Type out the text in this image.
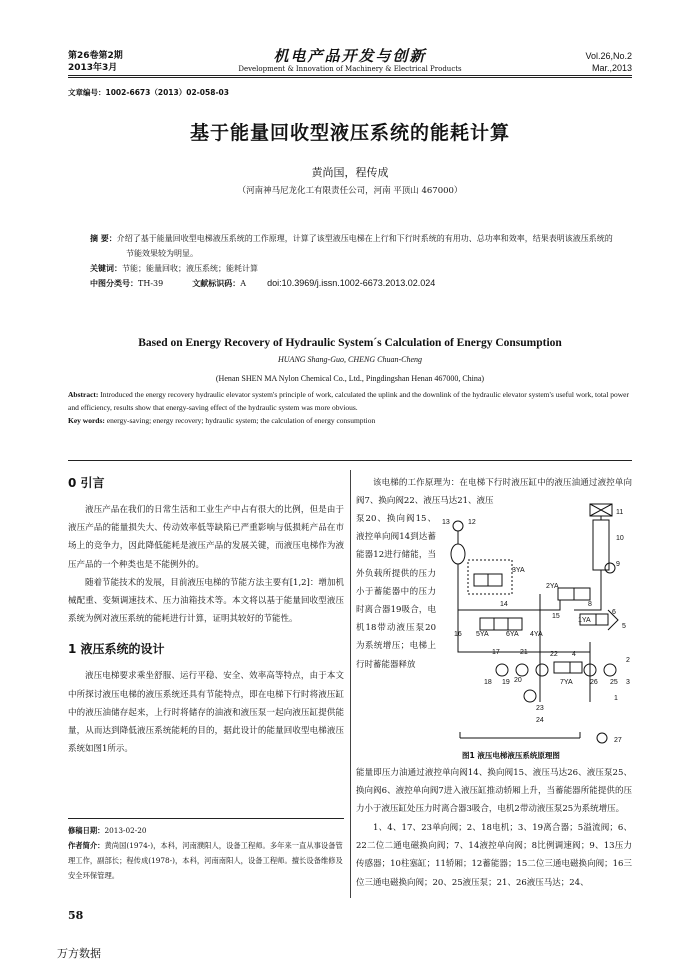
第26卷第2期
2013年3月
机电产品开发与创新
Development & Innovation of Machinery & Electrical Products
Vol.26,No.2
Mar.,2013
文章编号：1002-6673（2013）02-058-03
基于能量回收型液压系统的能耗计算
黄尚国，程传成
（河南神马尼龙化工有限责任公司，河南 平顶山 467000）
摘 要：介绍了基于能量回收型电梯液压系统的工作原理，计算了该型液压电梯在上行和下行时系统的有用功、总功率和效率，结果表明该液压系统的节能效果较为明显。
关键词：节能；能量回收；液压系统；能耗计算
中图分类号：TH-39	文献标识码：A doi:10.3969/j.issn.1002-6673.2013.02.024
Based on Energy Recovery of Hydraulic System´s Calculation of Energy Consumption
HUANG Shang-Guo, CHENG Chuan-Cheng
(Henan SHEN MA Nylon Chemical Co., Ltd., Pingdingshan Henan 467000, China)
Abstract: Introduced the energy recovery hydraulic elevator system's principle of work, calculated the uplink and the downlink of the hydraulic elevator system's useful work, total power and efficiency, results show that energy-saving effect of the hydraulic system was more obvious.
Key words: energy-saving; energy recovery; hydraulic system; the calculation of energy consumption
0 引言
液压产品在我们的日常生活和工业生产中占有很大的比例，但是由于液压产品的能量损失大、传动效率低等缺陷已严重影响与低损耗产品在市场上的竞争力，因此降低能耗是液压产品的发展关键，而液压电梯作为液压产品的一个种类也是不能例外的。
随着节能技术的发展，目前液压电梯的节能方法主要有[1,2]：增加机械配重、变频调速技术、压力油箱技术等。本文将以基于能量回收型液压系统为例对液压系统的能耗进行计算，证明其较好的节能性。
1 液压系统的设计
液压电梯要求乘坐舒服、运行平稳、安全、效率高等特点，由于本文中所探讨液压电梯的液压系统还具有节能特点，即在电梯下行时将液压缸中的液压油储存起来，上行时将储存的油液和液压泵一起向液压缸提供能量，从而达到降低液压系统能耗的目的，据此设计的能量回收型电梯液压系统如图1所示。
修稿日期：2013-02-20
作者简介：黄尚国(1974-)，本科，河南濮阳人，设备工程师。多年来一直从事设备管理工作，副部长；程传成(1978-)，本科，河南南阳人，设备工程师。擅长设备维修及安全环保管理。
该电梯的工作原理为：在电梯下行时液压缸中的液压油通过液控单向阀7、换向阀22、液压马达21、液压
泵20、换向阀15、液控单向阀14到达蓄能器12进行储能，当外负载所提供的压力小于蓄能器中的压力时离合器19吸合，电机18带动液压泵20为系统增压；电梯上行时蓄能器释放
能量即压力油通过液控单向阀14、换向阀15、液压马达26、液压泵25、换向阀6、液控单向阀7进入液压缸推动轿厢上升，当蓄能器所能提供的压力小于液压缸处压力时离合器3吸合，电机2带动液压泵25为系统增压。
1、4、17、23单向阀；2、18电机；3、19离合器；5溢流阀；6、22二位二通电磁换向阀；7、14液控单向阀；8比例调速阀；9、13压力传感器；10柱塞缸；11轿厢；12蓄能器；15二位三通电磁换向阀；16三位三通电磁换向阀；20、25液压泵；21、26液压马达；24、
13	12
11
10
9
3YA
14
2YA
8
15
6
5YA 6YA 4YA
1YA
5
16
17	21	4
18 19
22
7YA 26 25 3
2
20
23
1
24
27
图1 液压电梯液压系统原理图
58
万方数据
